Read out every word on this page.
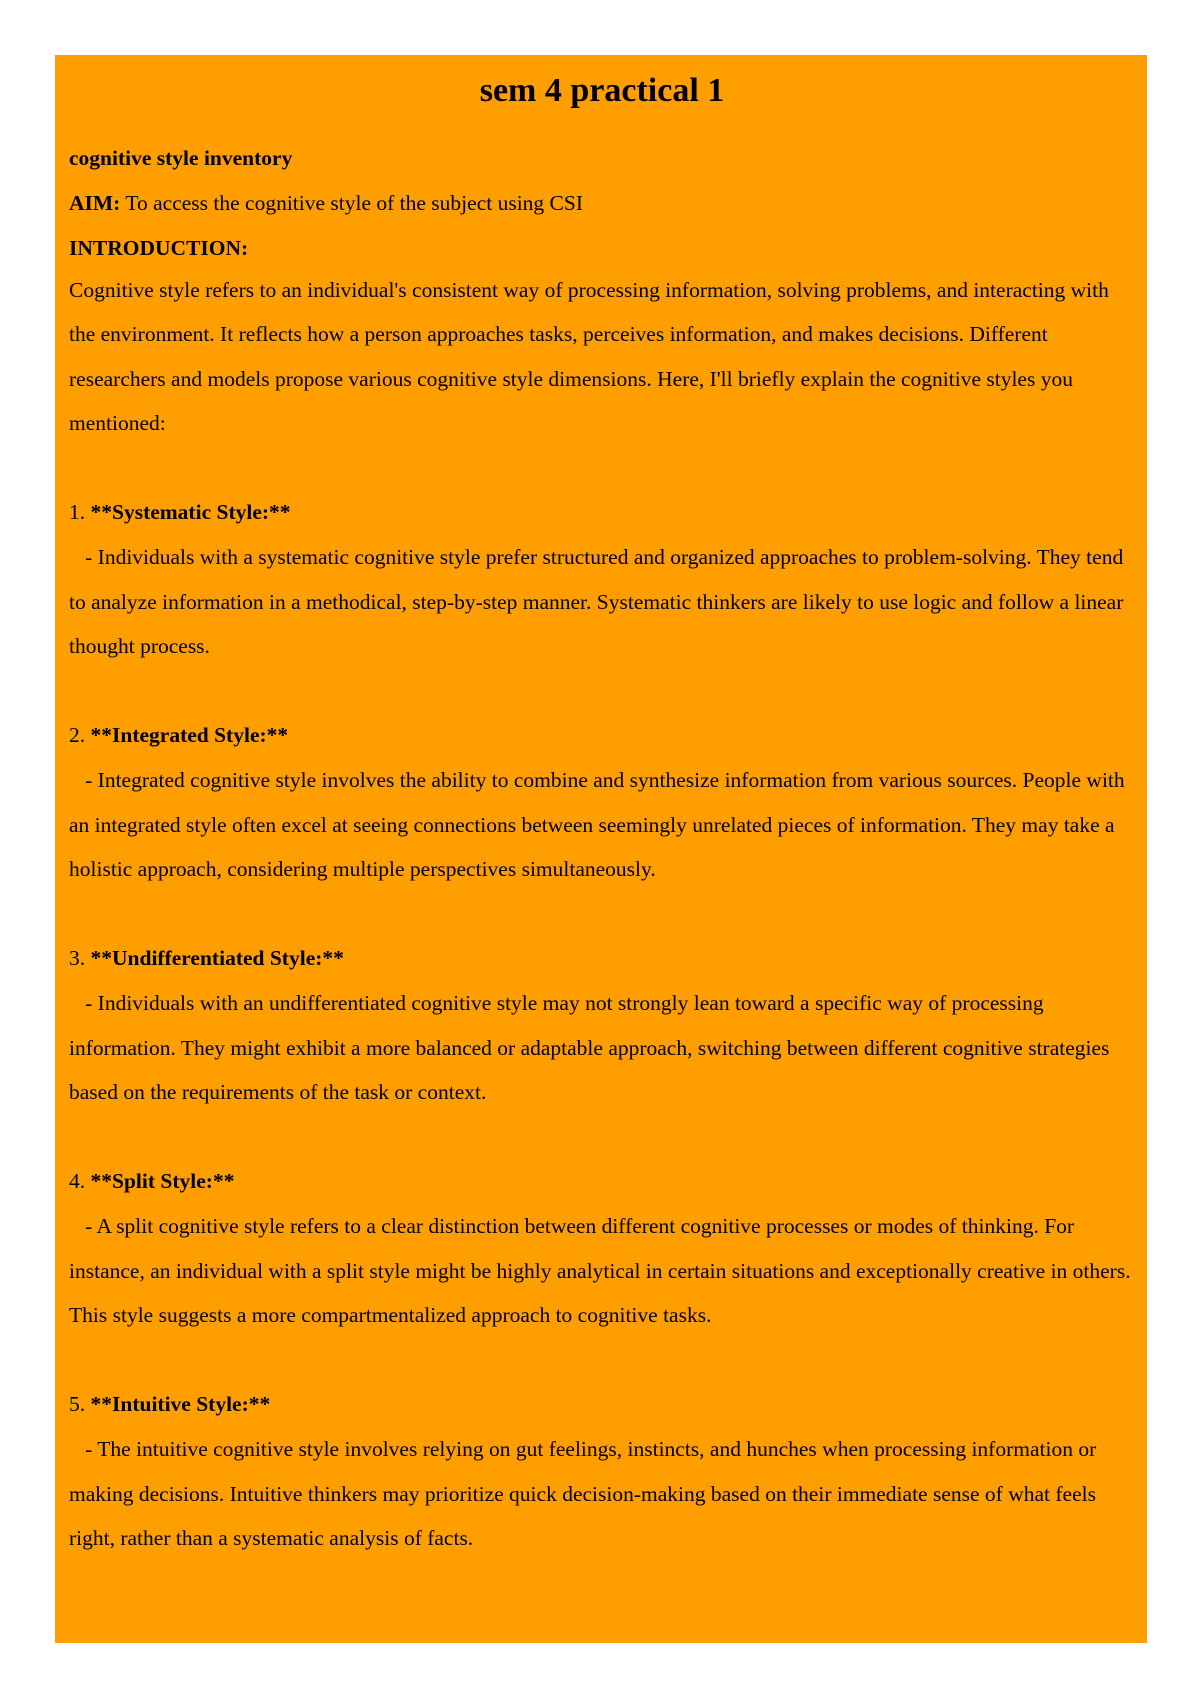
sem 4 practical 1

cognitive style inventory

AIM: To access the cognitive style of the subject using CSI

INTRODUCTION:

Cognitive style refers to an individual's consistent way of processing information, solving problems, and interacting with the environment. It reflects how a person approaches tasks, perceives information, and makes decisions. Different researchers and models propose various cognitive style dimensions. Here, I'll briefly explain the cognitive styles you mentioned:

1. **Systematic Style:**

- Individuals with a systematic cognitive style prefer structured and organized approaches to problem-solving. They tend to analyze information in a methodical, step-by-step manner. Systematic thinkers are likely to use logic and follow a linear thought process.

2. **Integrated Style:**

- Integrated cognitive style involves the ability to combine and synthesize information from various sources. People with an integrated style often excel at seeing connections between seemingly unrelated pieces of information. They may take a holistic approach, considering multiple perspectives simultaneously.

3. **Undifferentiated Style:**

- Individuals with an undifferentiated cognitive style may not strongly lean toward a specific way of processing information. They might exhibit a more balanced or adaptable approach, switching between different cognitive strategies based on the requirements of the task or context.

4. **Split Style:**

- A split cognitive style refers to a clear distinction between different cognitive processes or modes of thinking. For instance, an individual with a split style might be highly analytical in certain situations and exceptionally creative in others. This style suggests a more compartmentalized approach to cognitive tasks.

5. **Intuitive Style:**

- The intuitive cognitive style involves relying on gut feelings, instincts, and hunches when processing information or making decisions. Intuitive thinkers may prioritize quick decision-making based on their immediate sense of what feels right, rather than a systematic analysis of facts.
